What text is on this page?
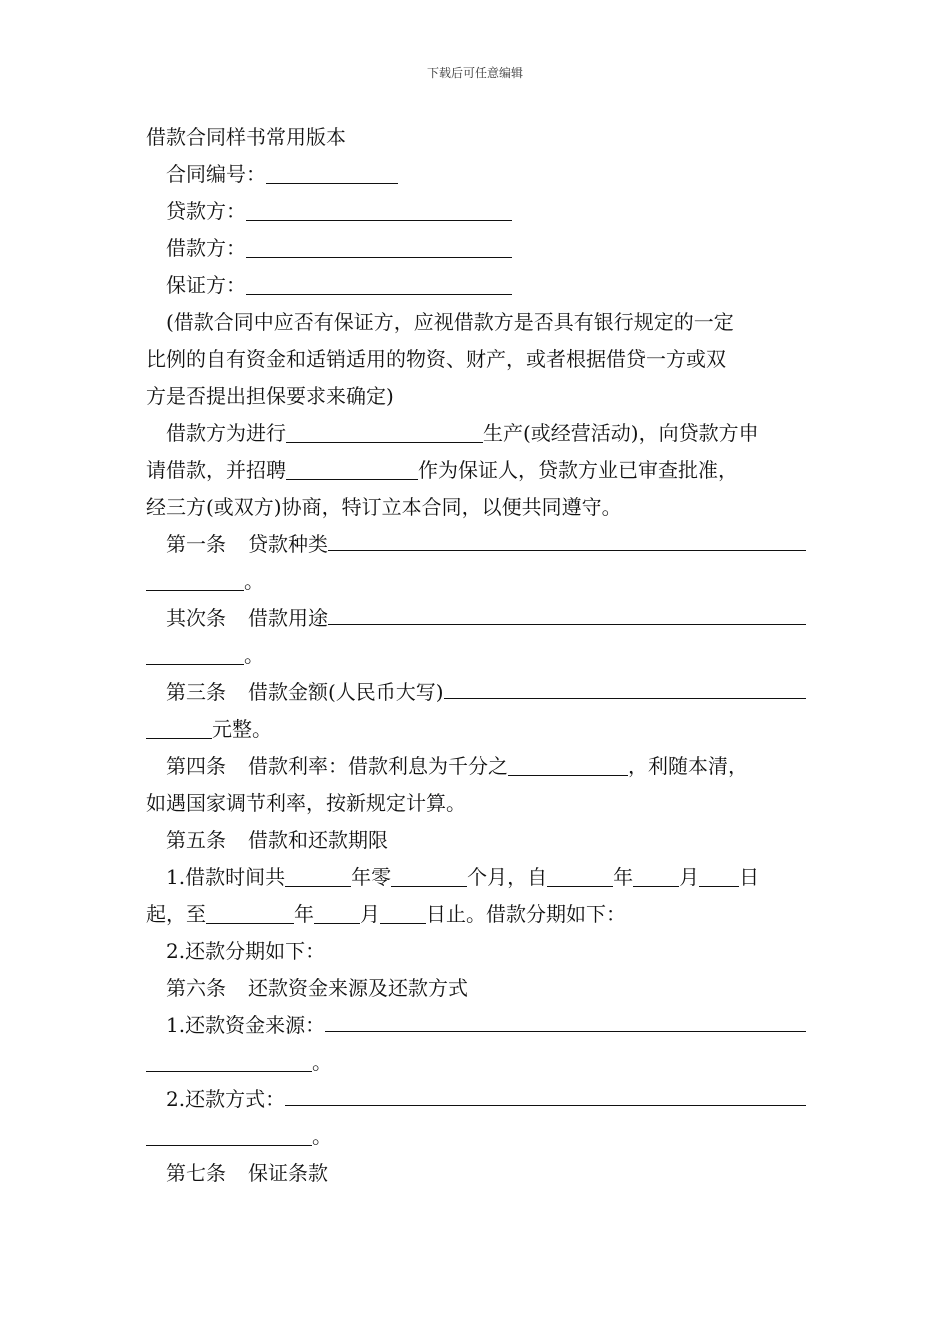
下载后可任意编辑
借款合同样书常用版本
合同编号：
贷款方：
借款方：
保证方：
(借款合同中应否有保证方，应视借款方是否具有银行规定的一定
比例的自有资金和适销适用的物资、财产，或者根据借贷一方或双
方是否提出担保要求来确定)
借款方为进行	生产(或经营活动)，向贷款方申
请借款，并招聘	作为保证人，贷款方业已审查批准，
经三方(或双方)协商，特订立本合同，以便共同遵守。
第一条 贷款种类
。
其次条 借款用途
。
第三条 借款金额(人民币大写)
元整。
第四条 借款利率：借款利息为千分之	，利随本清，
如遇国家调节利率，按新规定计算。
第五条 借款和还款期限
1.借款时间共	年零	个月，自	年 月 日
起，至	年 月 日止。借款分期如下：
2.还款分期如下：
第六条 还款资金来源及还款方式
1.还款资金来源：
。
2.还款方式：
。
第七条 保证条款
